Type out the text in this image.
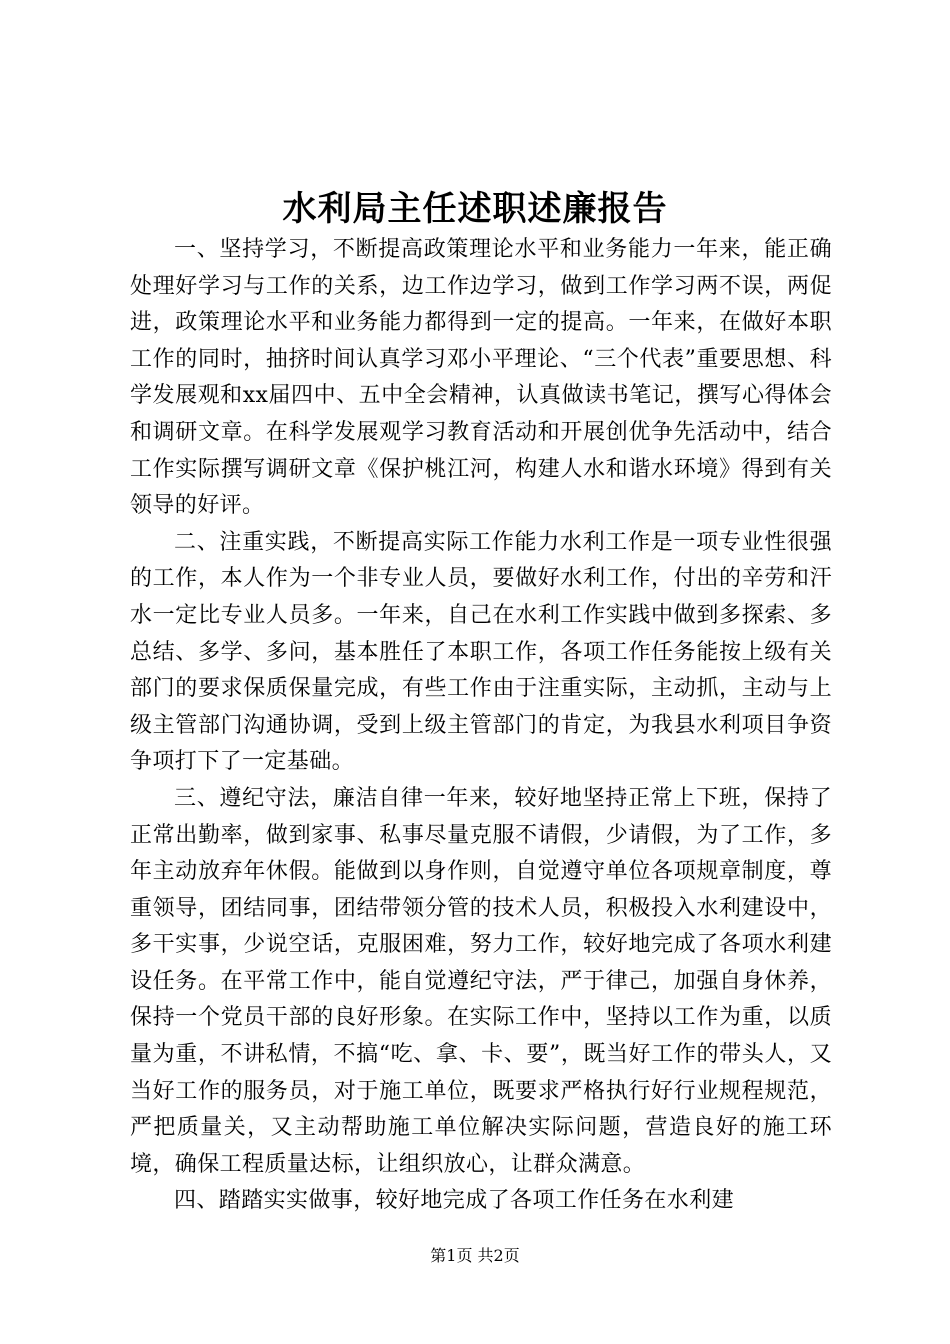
水利局主任述职述廉报告

一、坚持学习，不断提高政策理论水平和业务能力一年来，能正确处理好学习与工作的关系，边工作边学习，做到工作学习两不误，两促进，政策理论水平和业务能力都得到一定的提高。一年来，在做好本职工作的同时，抽挤时间认真学习邓小平理论、“三个代表”重要思想、科学发展观和xx届四中、五中全会精神，认真做读书笔记，撰写心得体会和调研文章。在科学发展观学习教育活动和开展创优争先活动中，结合工作实际撰写调研文章《保护桃江河，构建人水和谐水环境》得到有关领导的好评。

二、注重实践，不断提高实际工作能力水利工作是一项专业性很强的工作，本人作为一个非专业人员，要做好水利工作，付出的辛劳和汗水一定比专业人员多。一年来，自己在水利工作实践中做到多探索、多总结、多学、多问，基本胜任了本职工作，各项工作任务能按上级有关部门的要求保质保量完成，有些工作由于注重实际，主动抓，主动与上级主管部门沟通协调，受到上级主管部门的肯定，为我县水利项目争资争项打下了一定基础。

三、遵纪守法，廉洁自律一年来，较好地坚持正常上下班，保持了正常出勤率，做到家事、私事尽量克服不请假，少请假，为了工作，多年主动放弃年休假。能做到以身作则，自觉遵守单位各项规章制度，尊重领导，团结同事，团结带领分管的技术人员，积极投入水利建设中，多干实事，少说空话，克服困难，努力工作，较好地完成了各项水利建设任务。在平常工作中，能自觉遵纪守法，严于律己，加强自身休养，保持一个党员干部的良好形象。在实际工作中，坚持以工作为重，以质量为重，不讲私情，不搞“吃、拿、卡、要”，既当好工作的带头人，又当好工作的服务员，对于施工单位，既要求严格执行好行业规程规范，严把质量关，又主动帮助施工单位解决实际问题，营造良好的施工环境，确保工程质量达标，让组织放心，让群众满意。

四、踏踏实实做事，较好地完成了各项工作任务在水利建

第1页 共2页
